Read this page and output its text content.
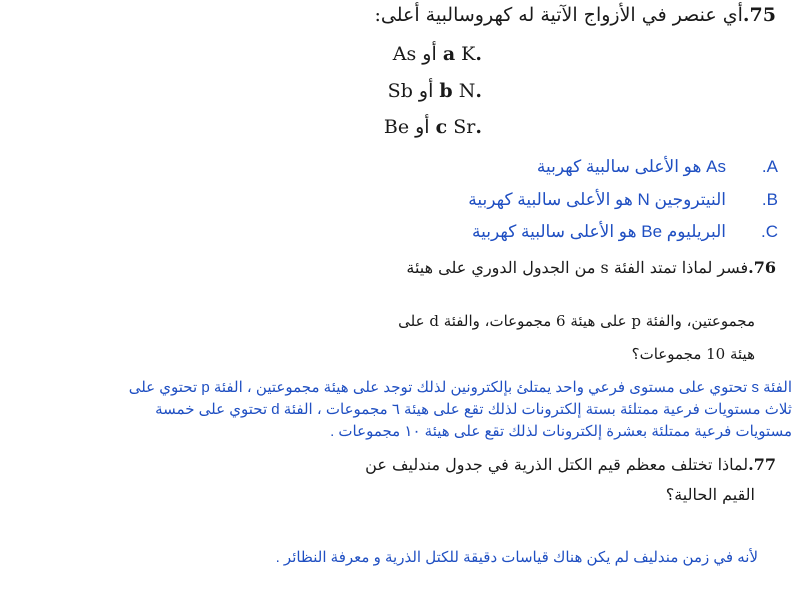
75.أي عنصر في الأزواج الآتية له كهروسالبية أعلى:
.a K أو As
.b N أو Sb
.c Sr أو Be
A.As هو الأعلى سالبية كهربية
B.النيتروجين N هو الأعلى سالبية كهربية
C.البريليوم Be هو الأعلى سالبية كهربية
76.فسر لماذا تمتد الفئة s من الجدول الدوري على هيئة
مجموعتين، والفئة p على هيئة 6 مجموعات، والفئة d على
هيئة 10 مجموعات؟
الفئة s تحتوي على مستوى فرعي واحد يمتلئ بإلكترونين لذلك توجد على هيئة مجموعتين ، الفئة p تحتوي على
ثلاث مستويات فرعية ممتلئة بستة إلكترونات لذلك تقع على هيئة ٦ مجموعات ، الفئة d تحتوي على خمسة
مستويات فرعية ممتلئة بعشرة إلكترونات لذلك تقع على هيئة ١٠ مجموعات .
77.لماذا تختلف معظم قيم الكتل الذرية في جدول مندليف عن
القيم الحالية؟
لأنه في زمن مندليف لم يكن هناك قياسات دقيقة للكتل الذرية و معرفة النظائر .
